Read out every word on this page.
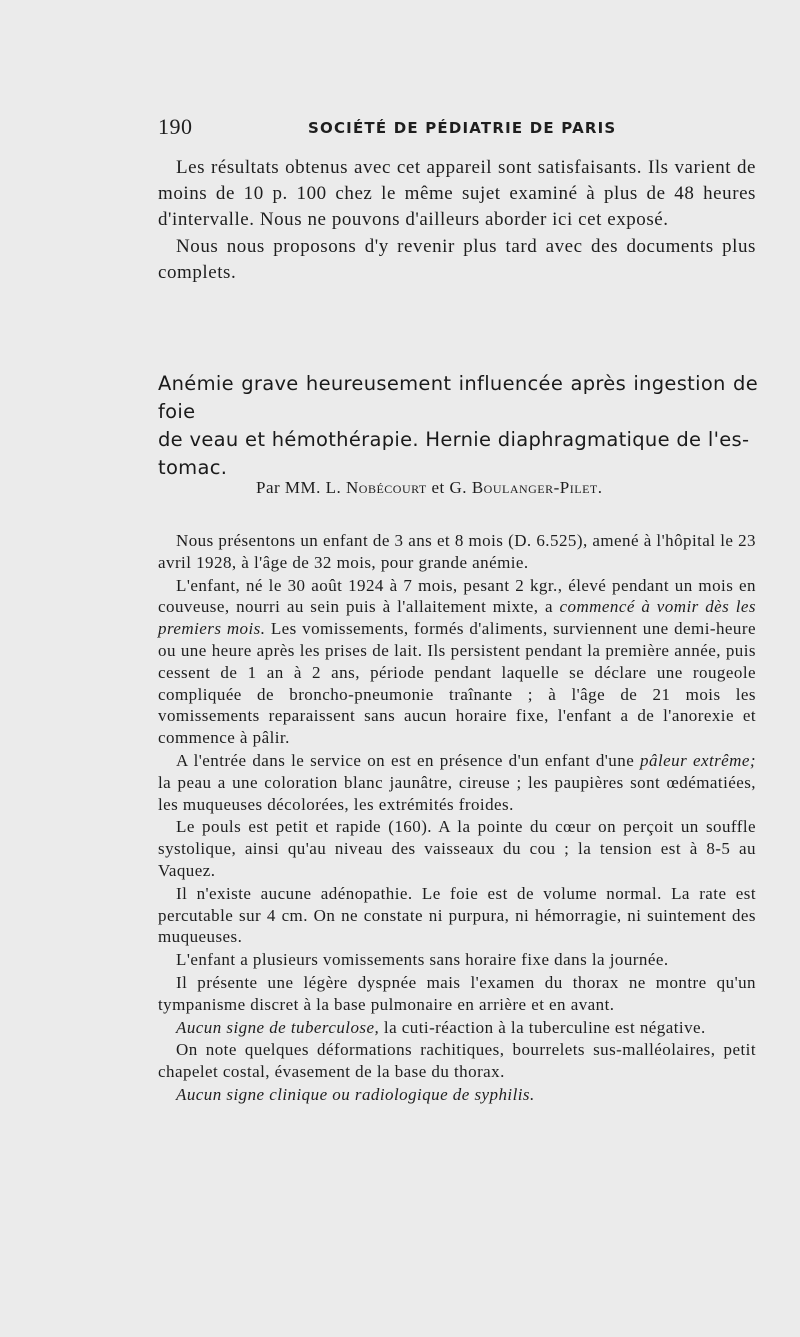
190	SOCIÉTÉ DE PÉDIATRIE DE PARIS

Les résultats obtenus avec cet appareil sont satisfaisants. Ils varient de moins de 10 p. 100 chez le même sujet examiné à plus de 48 heures d'intervalle. Nous ne pouvons d'ailleurs aborder ici cet exposé.

Nous nous proposons d'y revenir plus tard avec des documents plus complets.

Anémie grave heureusement influencée après ingestion de foie
de veau et hémothérapie. Hernie diaphragmatique de l'es-
tomac.
Par MM. L. Nobécourt et G. Boulanger-Pilet.

Nous présentons un enfant de 3 ans et 8 mois (D. 6.525), amené à l'hôpital le 23 avril 1928, à l'âge de 32 mois, pour grande anémie.

L'enfant, né le 30 août 1924 à 7 mois, pesant 2 kgr., élevé pendant un mois en couveuse, nourri au sein puis à l'allaitement mixte, a commencé à vomir dès les premiers mois. Les vomissements, formés d'aliments, surviennent une demi-heure ou une heure après les prises de lait. Ils persistent pendant la première année, puis cessent de 1 an à 2 ans, période pendant laquelle se déclare une rougeole compliquée de broncho-pneumonie traînante ; à l'âge de 21 mois les vomissements reparaissent sans aucun horaire fixe, l'enfant a de l'anorexie et commence à pâlir.

A l'entrée dans le service on est en présence d'un enfant d'une pâleur extrême; la peau a une coloration blanc jaunâtre, cireuse ; les paupières sont œdématiées, les muqueuses décolorées, les extrémités froides.

Le pouls est petit et rapide (160). A la pointe du cœur on perçoit un souffle systolique, ainsi qu'au niveau des vaisseaux du cou ; la tension est à 8-5 au Vaquez.

Il n'existe aucune adénopathie. Le foie est de volume normal. La rate est percutable sur 4 cm. On ne constate ni purpura, ni hémorragie, ni suintement des muqueuses.

L'enfant a plusieurs vomissements sans horaire fixe dans la journée.

Il présente une légère dyspnée mais l'examen du thorax ne montre qu'un tympanisme discret à la base pulmonaire en arrière et en avant.

Aucun signe de tuberculose, la cuti-réaction à la tuberculine est négative.

On note quelques déformations rachitiques, bourrelets sus-malléolaires, petit chapelet costal, évasement de la base du thorax.

Aucun signe clinique ou radiologique de syphilis.
